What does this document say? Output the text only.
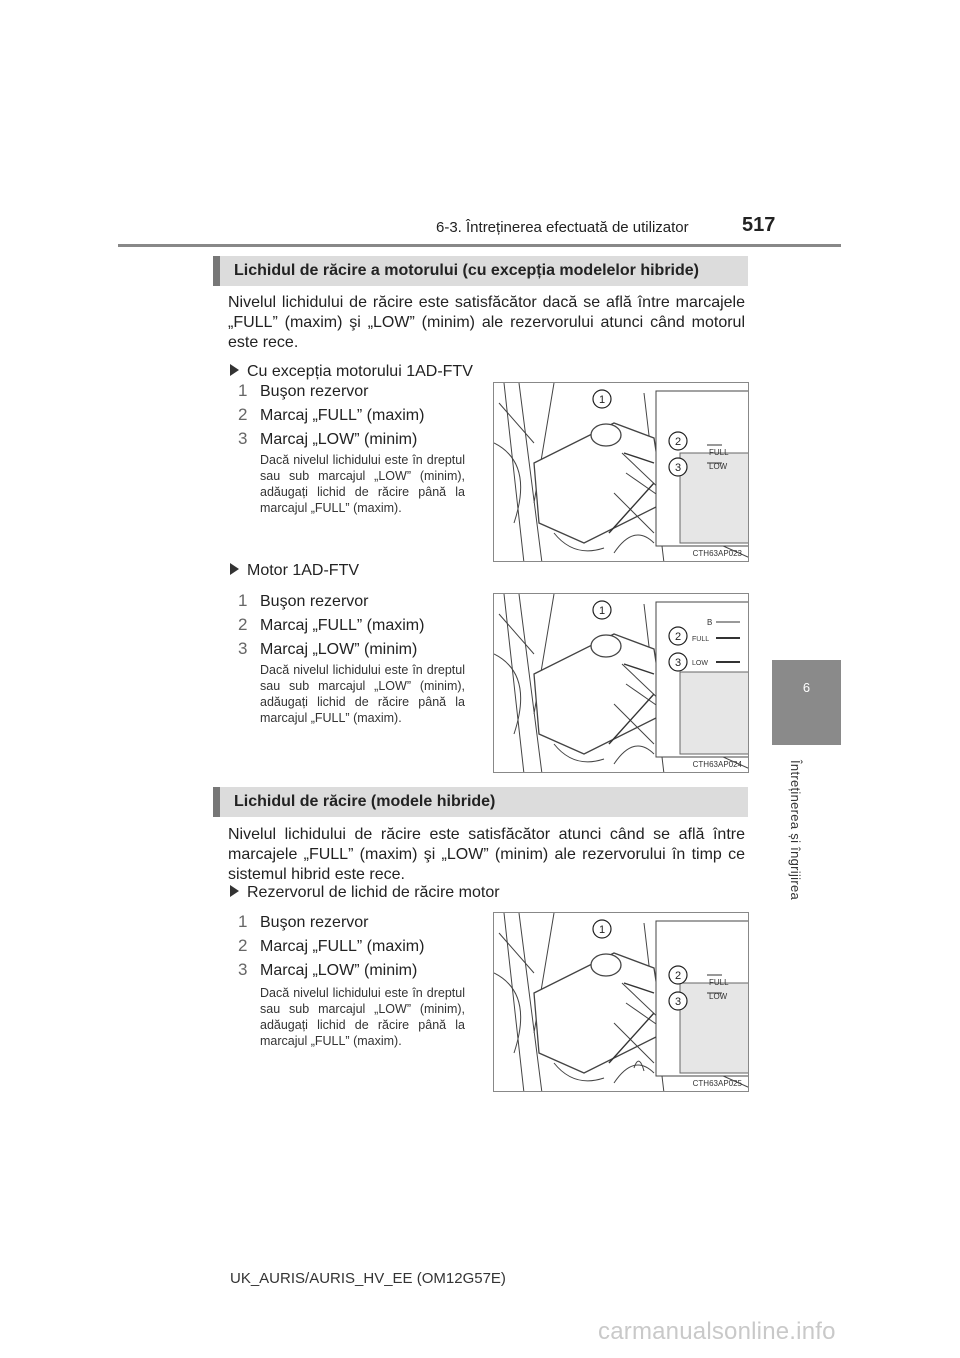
6-3. Întreținerea efectuată de utilizator	517
6
Întreținerea și îngrijirea
Lichidul de răcire a motorului (cu excepția modelelor hibride)
Nivelul lichidului de răcire este satisfăcător dacă se află între marcajele „FULL” (maxim) şi „LOW” (minim) ale rezervorului atunci când motorul este rece.
Cu excepția motorului 1AD-FTV
1 Buşon rezervor
2 Marcaj „FULL” (maxim)
3 Marcaj „LOW” (minim)
Dacă nivelul lichidului este în dreptul sau sub marcajul „LOW” (minim), adăugați lichid de răcire până la marcajul „FULL” (maxim).
FULL
LOW
1
2
3
CTH63AP023
Motor 1AD-FTV
1 Buşon rezervor
2 Marcaj „FULL” (maxim)
3 Marcaj „LOW” (minim)
Dacă nivelul lichidului este în dreptul sau sub marcajul „LOW” (minim), adăugați lichid de răcire până la marcajul „FULL” (maxim).
B
FULL
LOW
1
2
3
CTH63AP024
Lichidul de răcire (modele hibride)
Nivelul lichidului de răcire este satisfăcător atunci când se află între marcajele „FULL” (maxim) şi „LOW” (minim) ale rezervorului în timp ce sistemul hibrid este rece.
Rezervorul de lichid de răcire motor
1 Buşon rezervor
2 Marcaj „FULL” (maxim)
3 Marcaj „LOW” (minim)
Dacă nivelul lichidului este în dreptul sau sub marcajul „LOW” (minim), adăugați lichid de răcire până la marcajul „FULL” (maxim).
FULL
LOW
1
2
3
CTH63AP025
UK_AURIS/AURIS_HV_EE (OM12G57E)
carmanualsonline.info
